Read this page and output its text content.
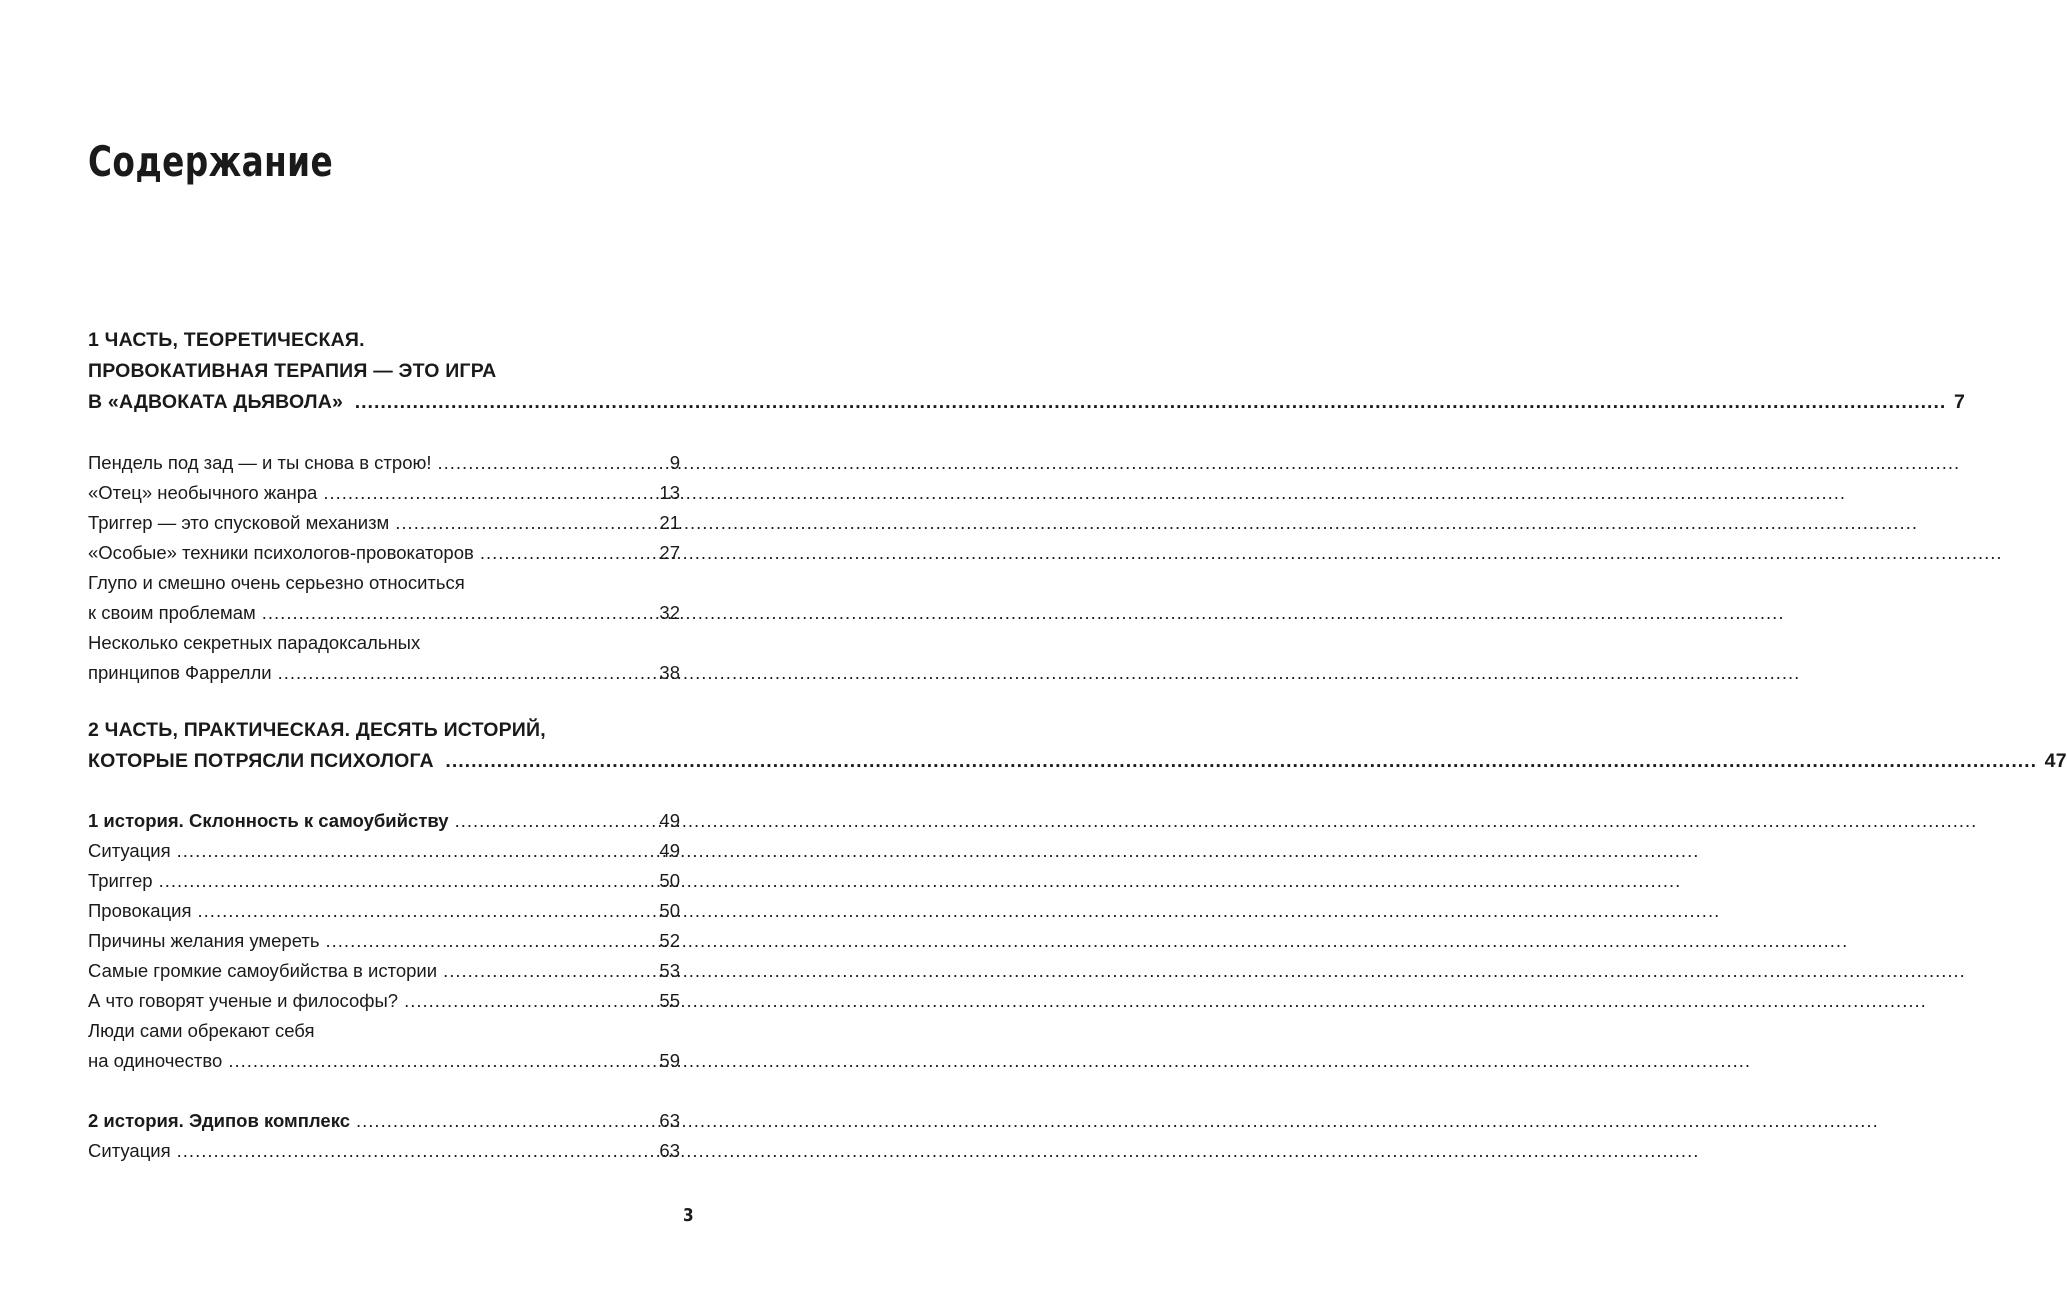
Содержание
1 ЧАСТЬ, ТЕОРЕТИЧЕСКАЯ.
ПРОВОКАТИВНАЯ ТЕРАПИЯ — ЭТО ИГРА
В «АДВОКАТА ДЬЯВОЛА» .....	7
Пендель под зад — и ты снова в строю! .....	9
«Отец» необычного жанра .....	13
Триггер — это спусковой механизм .....	21
«Особые» техники психологов-провокаторов .....	27
Глупо и смешно очень серьезно относиться
к своим проблемам .....	32
Несколько секретных парадоксальных
принципов Фаррелли .....	38
2 ЧАСТЬ, ПРАКТИЧЕСКАЯ. ДЕСЯТЬ ИСТОРИЙ,
КОТОРЫЕ ПОТРЯСЛИ ПСИХОЛОГА .....	47
1 история. Склонность к самоубийству .....	49
Ситуация .....	49
Триггер .....	50
Провокация .....	50
Причины желания умереть .....	52
Самые громкие самоубийства в истории .....	53
А что говорят ученые и философы? .....	55
Люди сами обрекают себя
на одиночество .....	59
2 история. Эдипов комплекс .....	63
Ситуация .....	63
3
